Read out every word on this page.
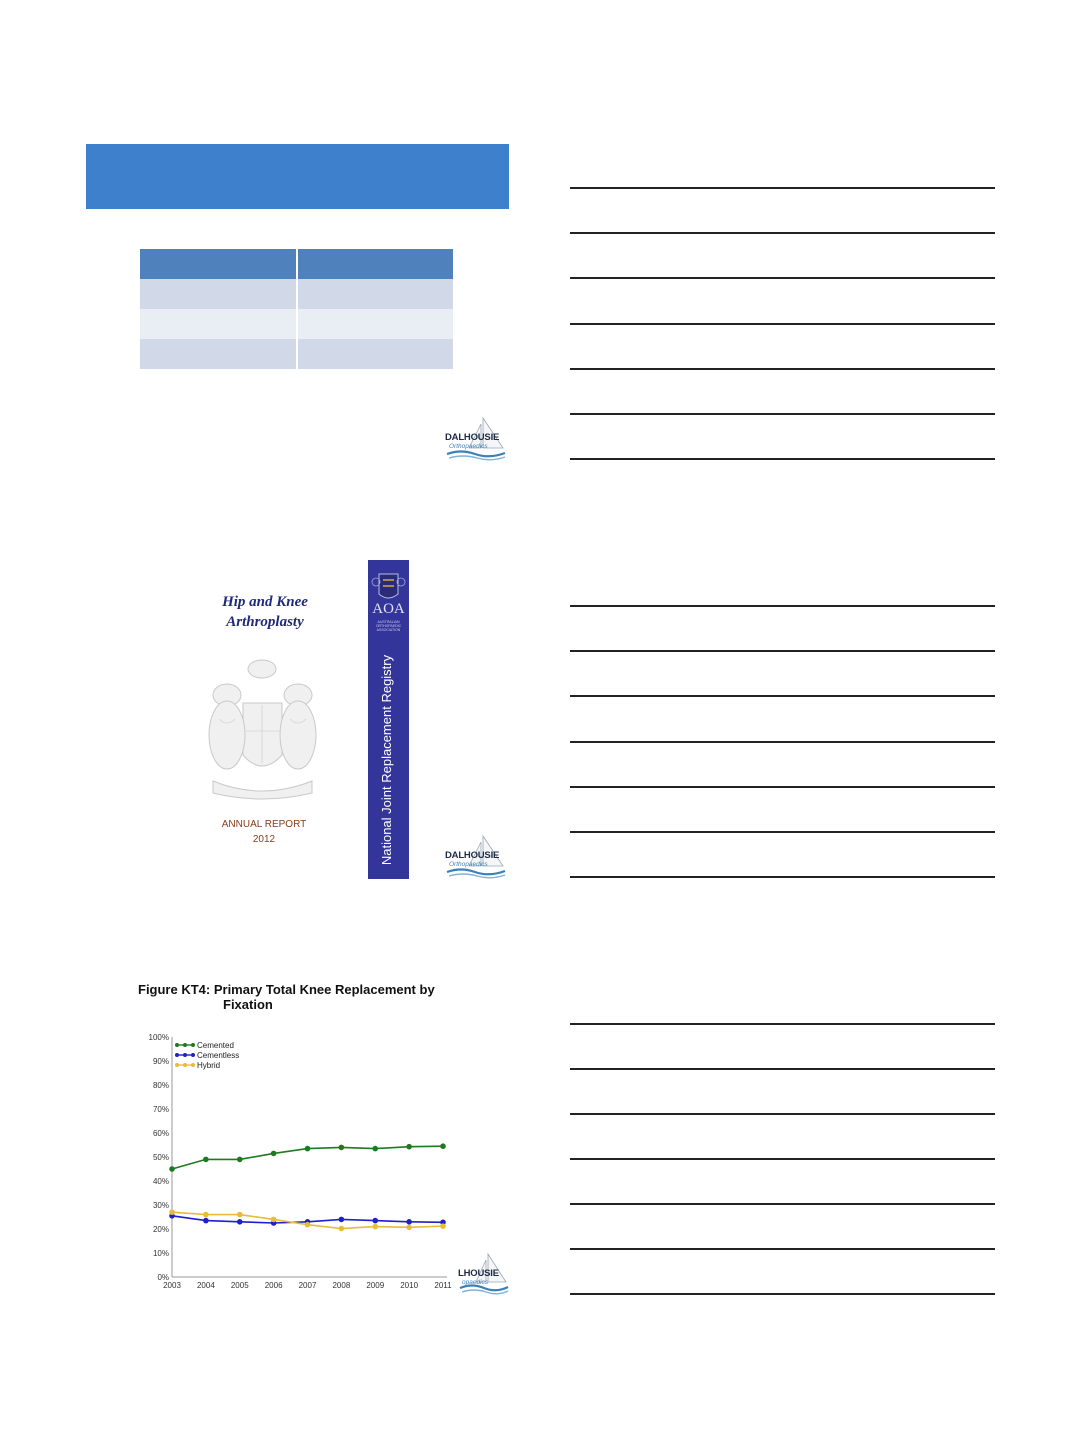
DALHOUSIE
Orthopaedics
Hip and Knee
Arthroplasty
ANNUAL REPORT
2012
AOA
AUSTRALIAN ORTHOPAEDIC ASSOCIATION
National Joint Replacement Registry	DALHOUSIE
Orthopaedics
Figure KT4: Primary Total Knee Replacement by
Fixation
0%
10%
20%
30%
40%
50%
60%
70%
80%
90%
100%
2003 2004 2005 2006 2007 2008 2009 2010 2011
Cemented
Cementless
Hybrid
LHOUSIE
opaedics
